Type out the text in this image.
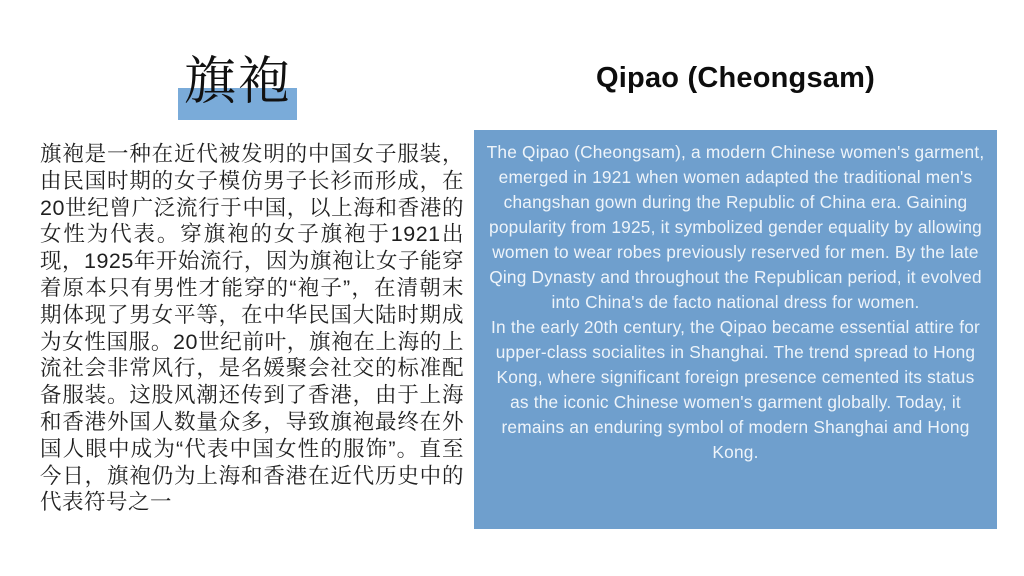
旗袍

旗袍是一种在近代被发明的中国女子服装，由民国时期的女子模仿男子长衫而形成，在20世纪曾广泛流行于中国，以上海和香港的女性为代表。穿旗袍的女子旗袍于1921出现，1925年开始流行，因为旗袍让女子能穿着原本只有男性才能穿的“袍子”，在清朝末期体现了男女平等，在中华民国大陆时期成为女性国服。20世纪前叶，旗袍在上海的上流社会非常风行，是名媛聚会社交的标准配备服装。这股风潮还传到了香港，由于上海和香港外国人数量众多，导致旗袍最终在外国人眼中成为“代表中国女性的服饰”。直至今日，旗袍仍为上海和香港在近代历史中的代表符号之一

Qipao (Cheongsam)

The Qipao (Cheongsam), a modern Chinese women's garment, emerged in 1921 when women adapted the traditional men's changshan gown during the Republic of China era. Gaining popularity from 1925, it symbolized gender equality by allowing women to wear robes previously reserved for men. By the late Qing Dynasty and throughout the Republican period, it evolved into China's de facto national dress for women.

In the early 20th century, the Qipao became essential attire for upper-class socialites in Shanghai. The trend spread to Hong Kong, where significant foreign presence cemented its status as the iconic Chinese women's garment globally. Today, it remains an enduring symbol of modern Shanghai and Hong Kong.
